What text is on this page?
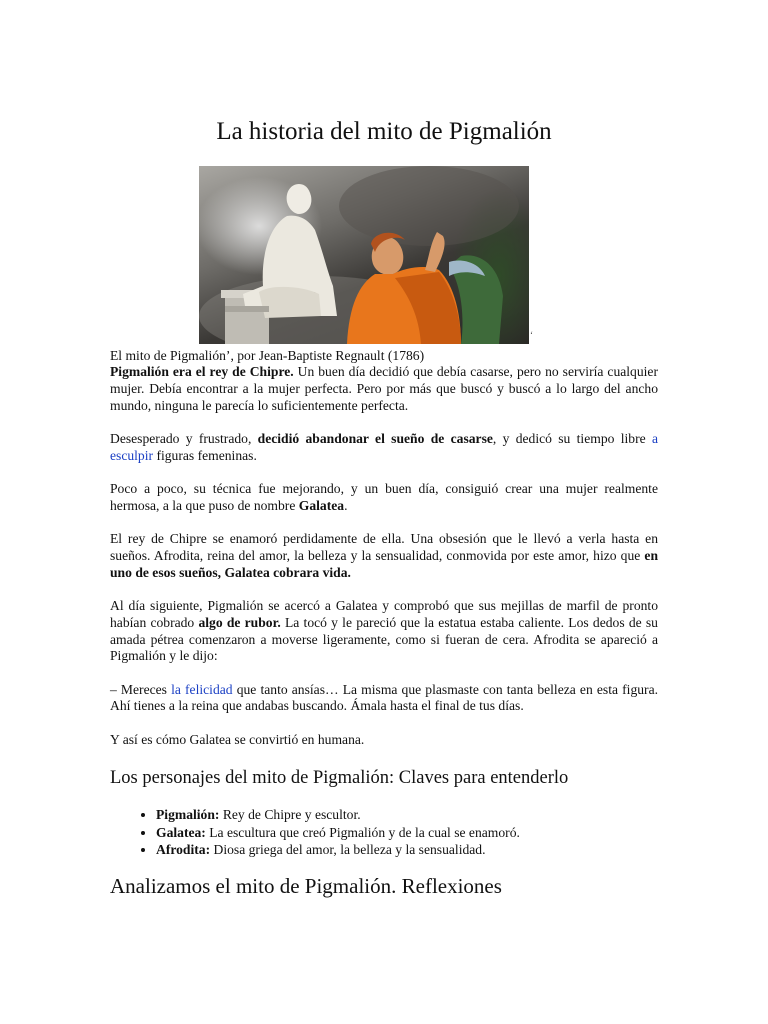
La historia del mito de Pigmalión
‘
El mito de Pigmalión’, por Jean-Baptiste Regnault (1786)

Pigmalión era el rey de Chipre. Un buen día decidió que debía casarse, pero no serviría cualquier mujer. Debía encontrar a la mujer perfecta. Pero por más que buscó y buscó a lo largo del ancho mundo, ninguna le parecía lo suficientemente perfecta.

Desesperado y frustrado, decidió abandonar el sueño de casarse, y dedicó su tiempo libre a esculpir figuras femeninas.

Poco a poco, su técnica fue mejorando, y un buen día, consiguió crear una mujer realmente hermosa, a la que puso de nombre Galatea.

El rey de Chipre se enamoró perdidamente de ella. Una obsesión que le llevó a verla hasta en sueños. Afrodita, reina del amor, la belleza y la sensualidad, conmovida por este amor, hizo que en uno de esos sueños, Galatea cobrara vida.

Al día siguiente, Pigmalión se acercó a Galatea y comprobó que sus mejillas de marfil de pronto habían cobrado algo de rubor. La tocó y le pareció que la estatua estaba caliente. Los dedos de su amada pétrea comenzaron a moverse ligeramente, como si fueran de cera. Afrodita se apareció a Pigmalión y le dijo:

– Mereces la felicidad que tanto ansías… La misma que plasmaste con tanta belleza en esta figura. Ahí tienes a la reina que andabas buscando. Ámala hasta el final de tus días.

Y así es cómo Galatea se convirtió en humana.

Los personajes del mito de Pigmalión: Claves para entenderlo
• Pigmalión: Rey de Chipre y escultor.
• Galatea: La escultura que creó Pigmalión y de la cual se enamoró.
• Afrodita: Diosa griega del amor, la belleza y la sensualidad.
Analizamos el mito de Pigmalión. Reflexiones
